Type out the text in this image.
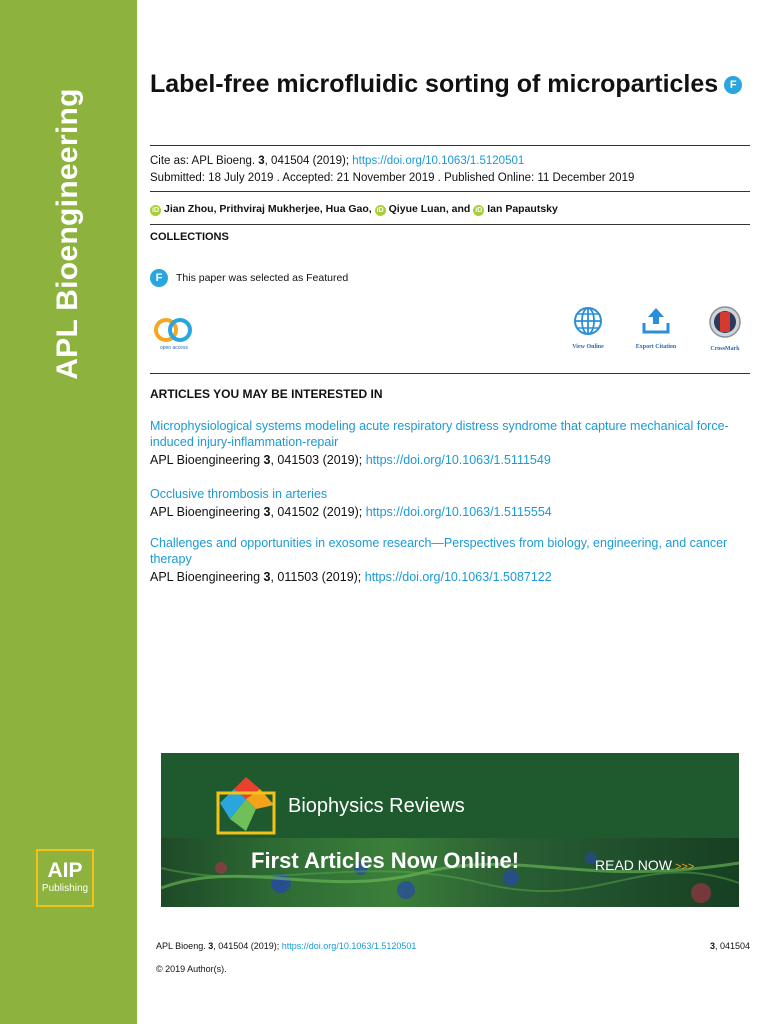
APL Bioengineering
AIP
Publishing
Label-free microfluidic sorting of microparticles F
Cite as: APL Bioeng. 3, 041504 (2019); https://doi.org/10.1063/1.5120501
Submitted: 18 July 2019 . Accepted: 21 November 2019 . Published Online: 11 December 2019
iD Jian Zhou, Prithviraj Mukherjee, Hua Gao, iD Qiyue Luan, and iD Ian Papautsky
COLLECTIONS
F This paper was selected as Featured
open access	View Online	Export Citation	CrossMark
ARTICLES YOU MAY BE INTERESTED IN
Microphysiological systems modeling acute respiratory distress syndrome that capture mechanical force-induced injury-inflammation-repair
APL Bioengineering 3, 041503 (2019); https://doi.org/10.1063/1.5111549
Occlusive thrombosis in arteries
APL Bioengineering 3, 041502 (2019); https://doi.org/10.1063/1.5115554
Challenges and opportunities in exosome research—Perspectives from biology, engineering, and cancer therapy
APL Bioengineering 3, 011503 (2019); https://doi.org/10.1063/1.5087122
Biophysics Reviews
First Articles Now Online!	READ NOW >>>
APL Bioeng. 3, 041504 (2019); https://doi.org/10.1063/1.5120501	3, 041504
© 2019 Author(s).
